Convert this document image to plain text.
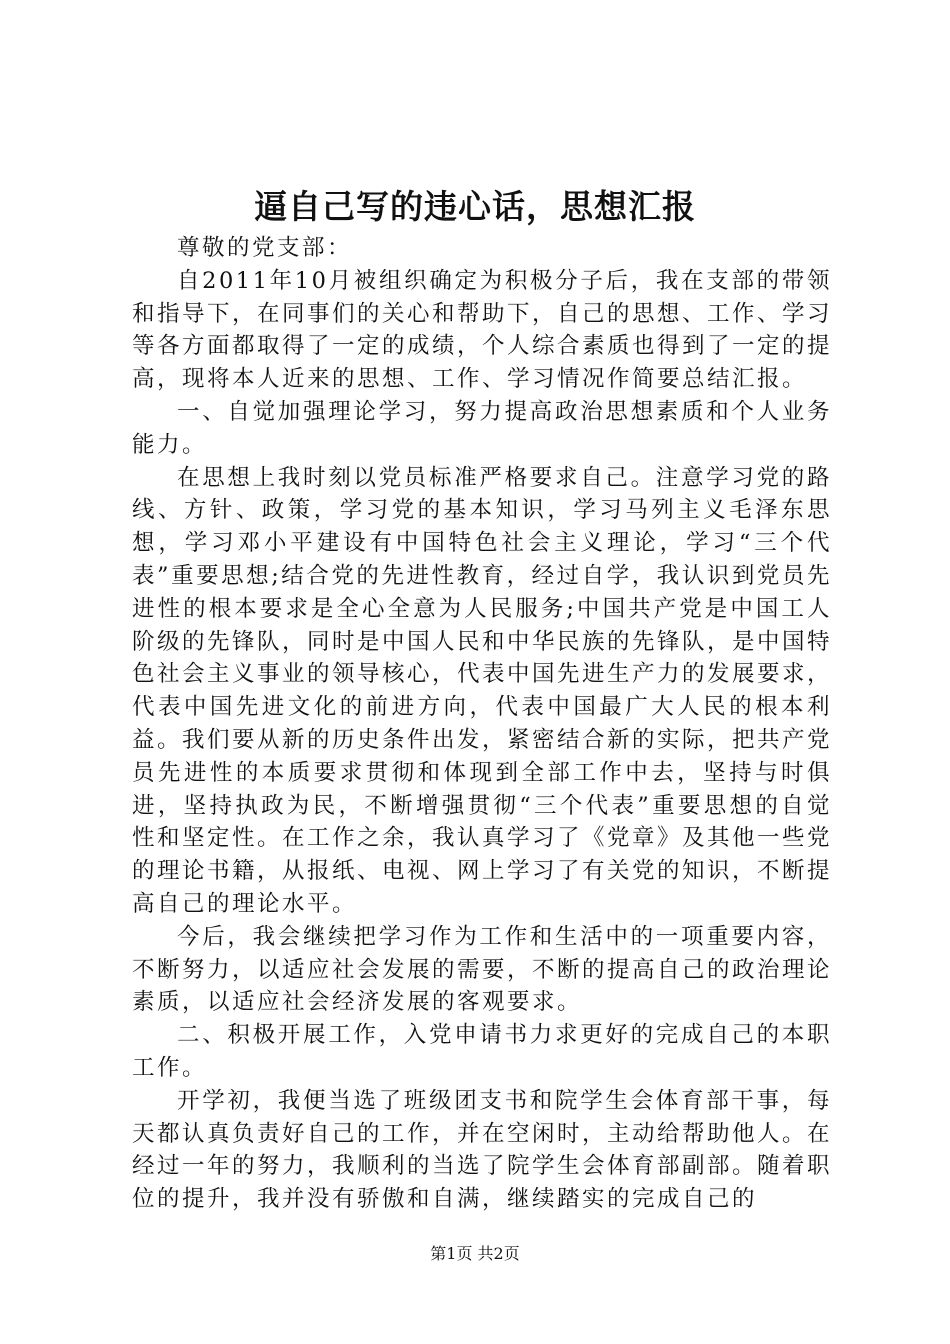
逼自己写的违心话，思想汇报

尊敬的党支部：

自2011年10月被组织确定为积极分子后，我在支部的带领和指导下，在同事们的关心和帮助下，自己的思想、工作、学习等各方面都取得了一定的成绩，个人综合素质也得到了一定的提高，现将本人近来的思想、工作、学习情况作简要总结汇报。

一、自觉加强理论学习，努力提高政治思想素质和个人业务能力。

在思想上我时刻以党员标准严格要求自己。注意学习党的路线、方针、政策，学习党的基本知识，学习马列主义毛泽东思想，学习邓小平建设有中国特色社会主义理论，学习“三个代表”重要思想;结合党的先进性教育，经过自学，我认识到党员先进性的根本要求是全心全意为人民服务;中国共产党是中国工人阶级的先锋队，同时是中国人民和中华民族的先锋队，是中国特色社会主义事业的领导核心，代表中国先进生产力的发展要求，代表中国先进文化的前进方向，代表中国最广大人民的根本利益。我们要从新的历史条件出发，紧密结合新的实际，把共产党员先进性的本质要求贯彻和体现到全部工作中去，坚持与时俱进，坚持执政为民，不断增强贯彻“三个代表”重要思想的自觉性和坚定性。在工作之余，我认真学习了《党章》及其他一些党的理论书籍，从报纸、电视、网上学习了有关党的知识，不断提高自己的理论水平。

今后，我会继续把学习作为工作和生活中的一项重要内容，不断努力，以适应社会发展的需要，不断的提高自己的政治理论素质，以适应社会经济发展的客观要求。

二、积极开展工作，入党申请书力求更好的完成自己的本职工作。

开学初，我便当选了班级团支书和院学生会体育部干事，每天都认真负责好自己的工作，并在空闲时，主动给帮助他人。在经过一年的努力，我顺利的当选了院学生会体育部副部。随着职位的提升，我并没有骄傲和自满，继续踏实的完成自己的

第1页 共2页
